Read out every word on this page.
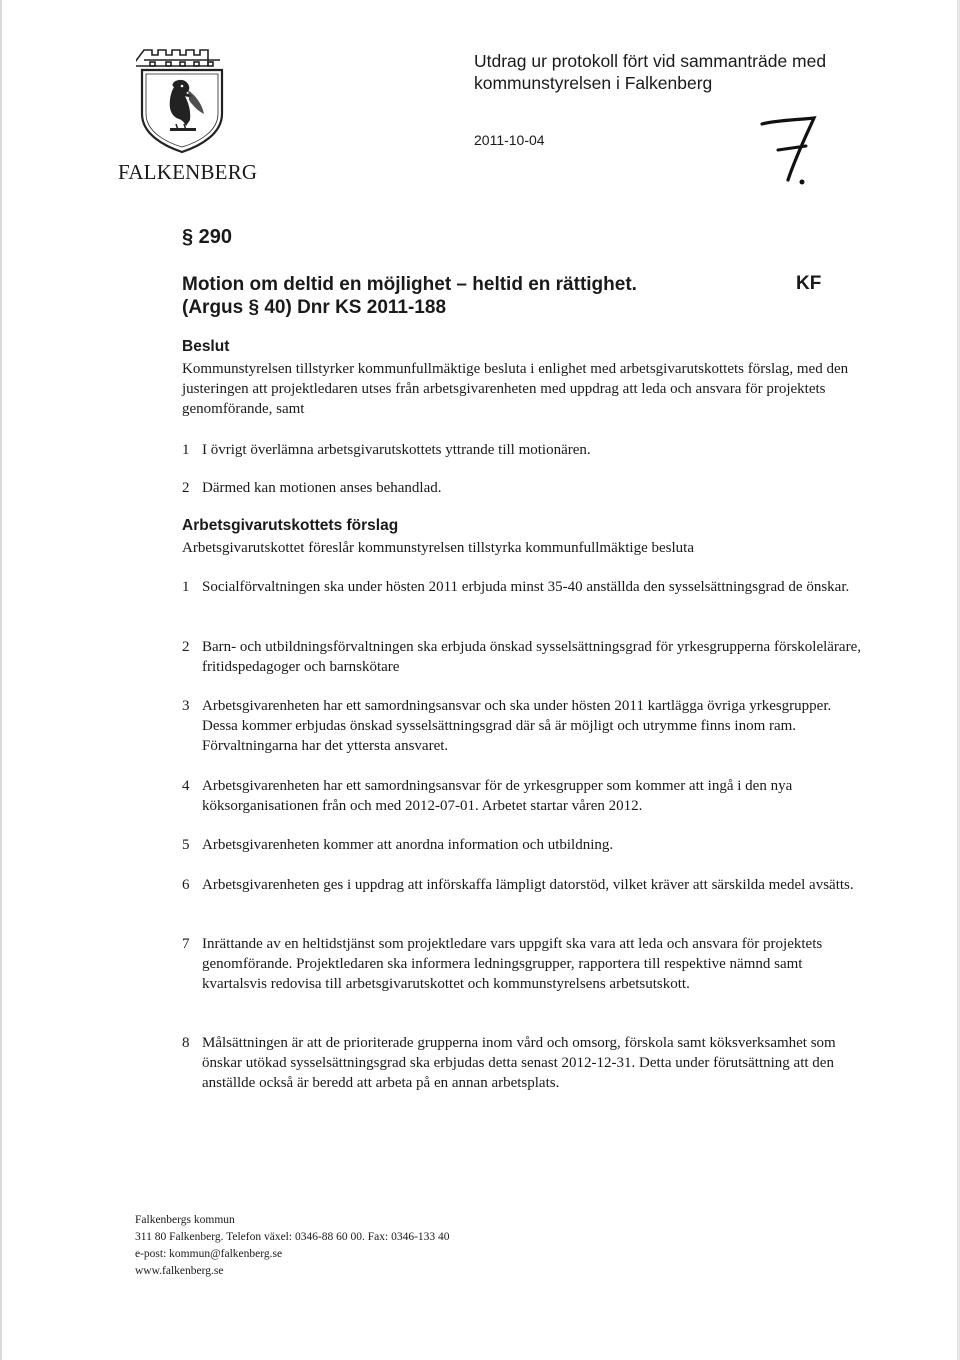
FALKENBERG
Utdrag ur protokoll fört vid sammanträde med
kommunstyrelsen i Falkenberg
2011-10-04
§ 290
Motion om deltid en möjlighet – heltid en rättighet.
(Argus § 40) Dnr KS 2011-188
KF
Beslut
Kommunstyrelsen tillstyrker kommunfullmäktige besluta i enlighet med arbetsgivarutskottets förslag, med den justeringen att projektledaren utses från arbetsgivarenheten med uppdrag att leda och ansvara för projektets genomförande, samt
1 I övrigt överlämna arbetsgivarutskottets yttrande till motionären.
2 Därmed kan motionen anses behandlad.
Arbetsgivarutskottets förslag
Arbetsgivarutskottet föreslår kommunstyrelsen tillstyrka kommunfullmäktige besluta
1 Socialförvaltningen ska under hösten 2011 erbjuda minst 35-40 anställda den sysselsättningsgrad de önskar.
2 Barn- och utbildningsförvaltningen ska erbjuda önskad sysselsättningsgrad för yrkesgrupperna förskolelärare, fritidspedagoger och barnskötare
3 Arbetsgivarenheten har ett samordningsansvar och ska under hösten 2011 kartlägga övriga yrkesgrupper. Dessa kommer erbjudas önskad sysselsättningsgrad där så är möjligt och utrymme finns inom ram. Förvaltningarna har det yttersta ansvaret.
4 Arbetsgivarenheten har ett samordningsansvar för de yrkesgrupper som kommer att ingå i den nya köksorganisationen från och med 2012-07-01. Arbetet startar våren 2012.
5 Arbetsgivarenheten kommer att anordna information och utbildning.
6 Arbetsgivarenheten ges i uppdrag att införskaffa lämpligt datorstöd, vilket kräver att särskilda medel avsätts.
7 Inrättande av en heltidstjänst som projektledare vars uppgift ska vara att leda och ansvara för projektets genomförande. Projektledaren ska informera ledningsgrupper, rapportera till respektive nämnd samt kvartalsvis redovisa till arbetsgivarutskottet och kommunstyrelsens arbetsutskott.
8 Målsättningen är att de prioriterade grupperna inom vård och omsorg, förskola samt köksverksamhet som önskar utökad sysselsättningsgrad ska erbjudas detta senast 2012-12-31. Detta under förutsättning att den anställde också är beredd att arbeta på en annan arbetsplats.
Falkenbergs kommun
311 80 Falkenberg. Telefon växel: 0346-88 60 00. Fax: 0346-133 40
e-post: kommun@falkenberg.se
www.falkenberg.se
